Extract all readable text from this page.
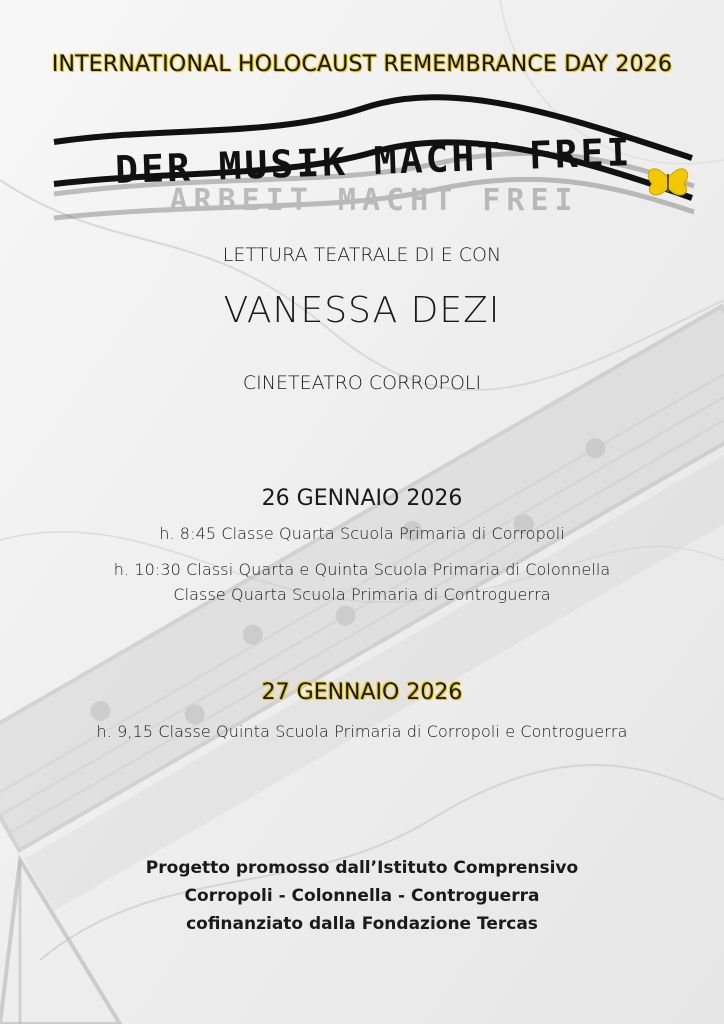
ARBEIT MACHT FREI
DER MUSIK MACHT FREI
INTERNATIONAL HOLOCAUST REMEMBRANCE DAY 2026
LETTURA TEATRALE DI E CON
VANESSA DEZI
CINETEATRO CORROPOLI
26 GENNAIO 2026
h. 8:45 Classe Quarta Scuola Primaria di Corropoli
h. 10:30 Classi Quarta e Quinta Scuola Primaria di Colonnella
Classe Quarta Scuola Primaria di Controguerra
27 GENNAIO 2026
h. 9,15 Classe Quinta Scuola Primaria di Corropoli e Controguerra
Progetto promosso dall’Istituto Comprensivo
Corropoli - Colonnella - Controguerra
cofinanziato dalla Fondazione Tercas
